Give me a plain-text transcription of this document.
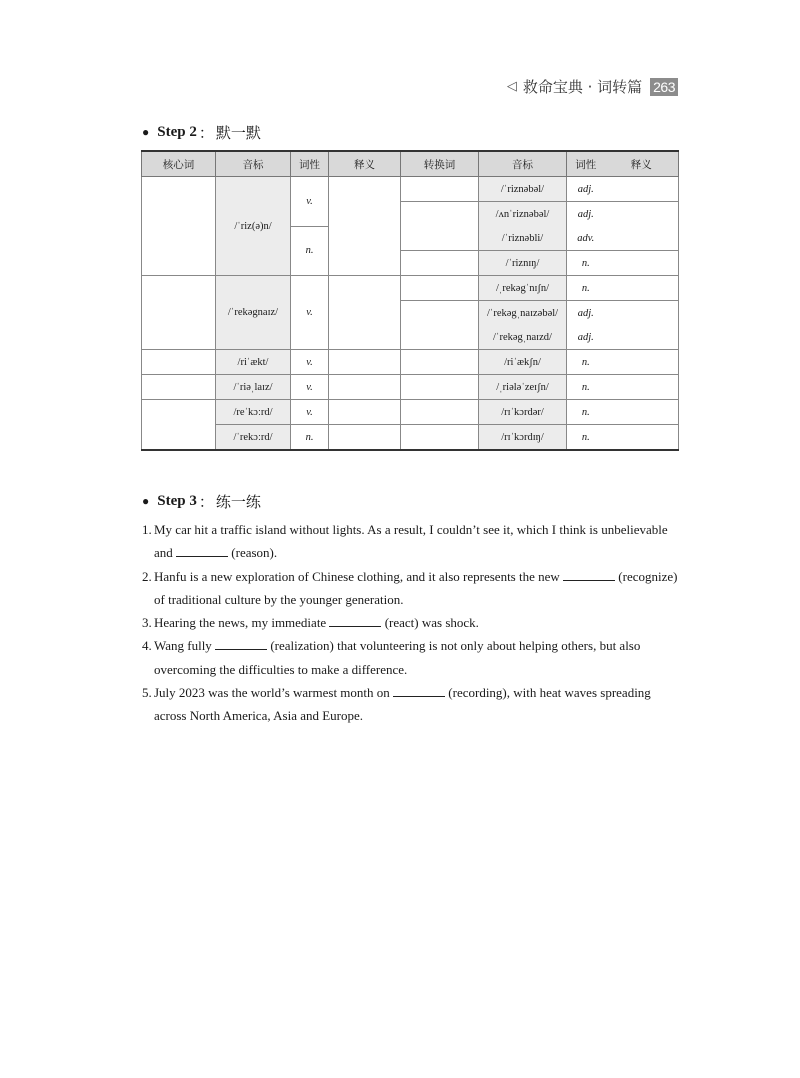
◁ 救命宝典 · 词转篇 263
● Step 2 ： 默一默
核心词	音标	词性	释义	转换词	音标	词性	释义
	/ˈriz(ə)n/	v.			/ˈriznəbəl/	adj.	
					/ʌnˈriznəbəl/	adj.	
		n.			/ˈriznəbli/	adv.	
					/ˈriznɪŋ/	n.	
	/ˈrekəgnaɪz/	v.			/ˌrekəgˈnɪʃn/	n.	
					/ˈrekəgˌnaɪzəbəl/	adj.	
					/ˈrekəgˌnaɪzd/	adj.	
	/riˈækt/	v.			/riˈækʃn/	n.	
	/ˈriəˌlaɪz/	v.			/ˌriələˈzeɪʃn/	n.	
	/reˈkɔːrd/	v.			/rɪˈkɔrdər/	n.	
	/ˈrekɔːrd/	n.			/rɪˈkɔrdɪŋ/	n.	
● Step 3 ： 练一练
1. My car hit a traffic island without lights. As a result, I couldn’t see it, which I think is unbelievable
and	(reason).
2. Hanfu is a new exploration of Chinese clothing, and it also represents the new	(recognize)
of traditional culture by the younger generation.
3. Hearing the news, my immediate	(react) was shock.
4. Wang fully	(realization) that volunteering is not only about helping others, but also
overcoming the difficulties to make a difference.
5. July 2023 was the world’s warmest month on	(recording), with heat waves spreading
across North America, Asia and Europe.
